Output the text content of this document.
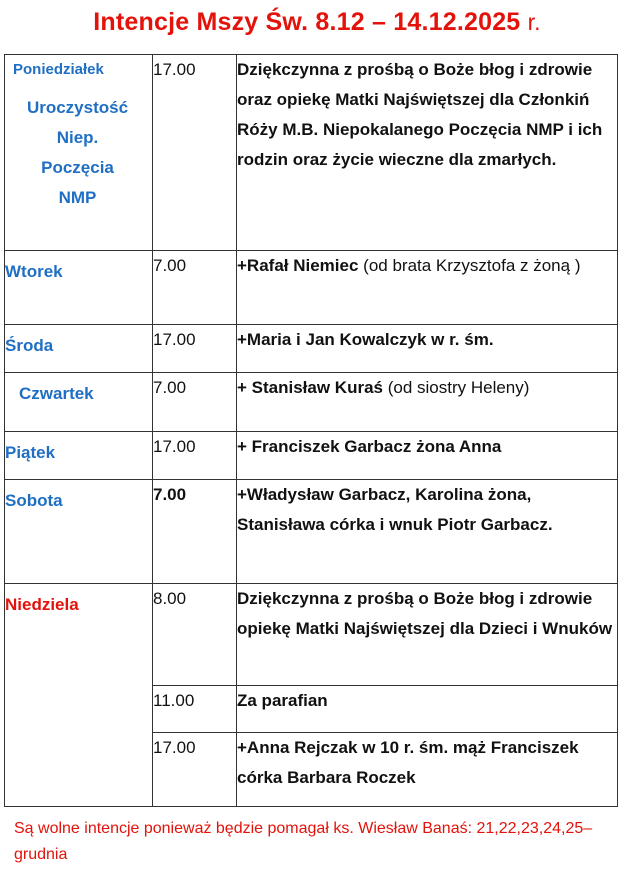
Intencje Mszy Św. 8.12 – 14.12.2025 r.
Poniedziałek
Uroczystość
Niep.
Poczęcia
NMP	17.00	Dziękczynna z prośbą o Boże błog i zdrowie oraz opiekę Matki Najświętszej dla Członkiń Róży M.B. Niepokalanego Poczęcia NMP i ich rodzin oraz życie wieczne dla zmarłych.

Wtorek	7.00	+Rafał Niemiec (od brata Krzysztofa z żoną )

Środa	17.00	+Maria i Jan Kowalczyk w r. śm.

Czwartek	7.00	+ Stanisław Kuraś (od siostry Heleny)

Piątek	17.00	+ Franciszek Garbacz żona Anna

Sobota	7.00	+Władysław Garbacz, Karolina żona, Stanisława córka i wnuk Piotr Garbacz.

Niedziela	8.00	Dziękczynna z prośbą o Boże błog i zdrowie opiekę Matki Najświętszej dla Dzieci i Wnuków
	11.00	Za parafian
	17.00	+Anna Rejczak w 10 r. śm. mąż Franciszek córka Barbara Roczek
Są wolne intencje ponieważ będzie pomagał ks. Wiesław Banaś: 21,22,23,24,25–grudnia
